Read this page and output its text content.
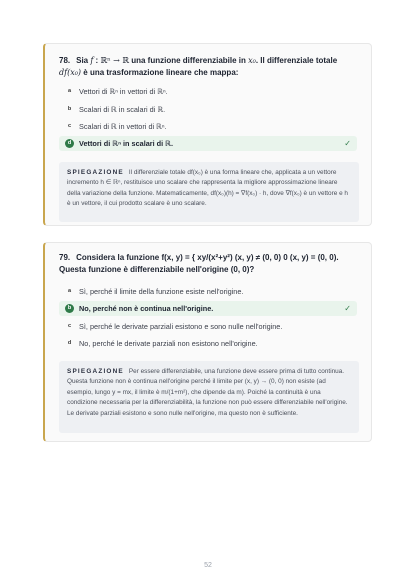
78. Sia f : ℝⁿ → ℝ una funzione differenziabile in x₀. Il differenziale totale df(x₀) è una trasformazione lineare che mappa:
a	Vettori di ℝⁿ in vettori di ℝⁿ.
b	Scalari di ℝ in scalari di ℝ.
c	Scalari di ℝ in vettori di ℝⁿ.
d	Vettori di ℝⁿ in scalari di ℝ.	✓
SPIEGAZIONE Il differenziale totale df(x₀) è una forma lineare che, applicata a un vettore incremento h ∈ ℝⁿ, restituisce uno scalare che rappresenta la migliore approssimazione lineare della variazione della funzione. Matematicamente, df(x₀)(h) = ∇f(x₀) · h, dove ∇f(x₀) è un vettore e h è un vettore, il cui prodotto scalare è uno scalare.
79. Considera la funzione f(x, y) = { xy/(x²+y²) (x, y) ≠ (0, 0) 0 (x, y) = (0, 0). Questa funzione è differenziabile nell'origine (0, 0)?
a	Sì, perché il limite della funzione esiste nell'origine.
b	No, perché non è continua nell'origine.	✓
c	Sì, perché le derivate parziali esistono e sono nulle nell'origine.
d	No, perché le derivate parziali non esistono nell'origine.
SPIEGAZIONE Per essere differenziabile, una funzione deve essere prima di tutto continua. Questa funzione non è continua nell'origine perché il limite per (x, y) → (0, 0) non esiste (ad esempio, lungo y = mx, il limite è m/(1+m²), che dipende da m). Poiché la continuità è una condizione necessaria per la differenziabilità, la funzione non può essere differenziabile nell'origine. Le derivate parziali esistono e sono nulle nell'origine, ma questo non è sufficiente.
52
